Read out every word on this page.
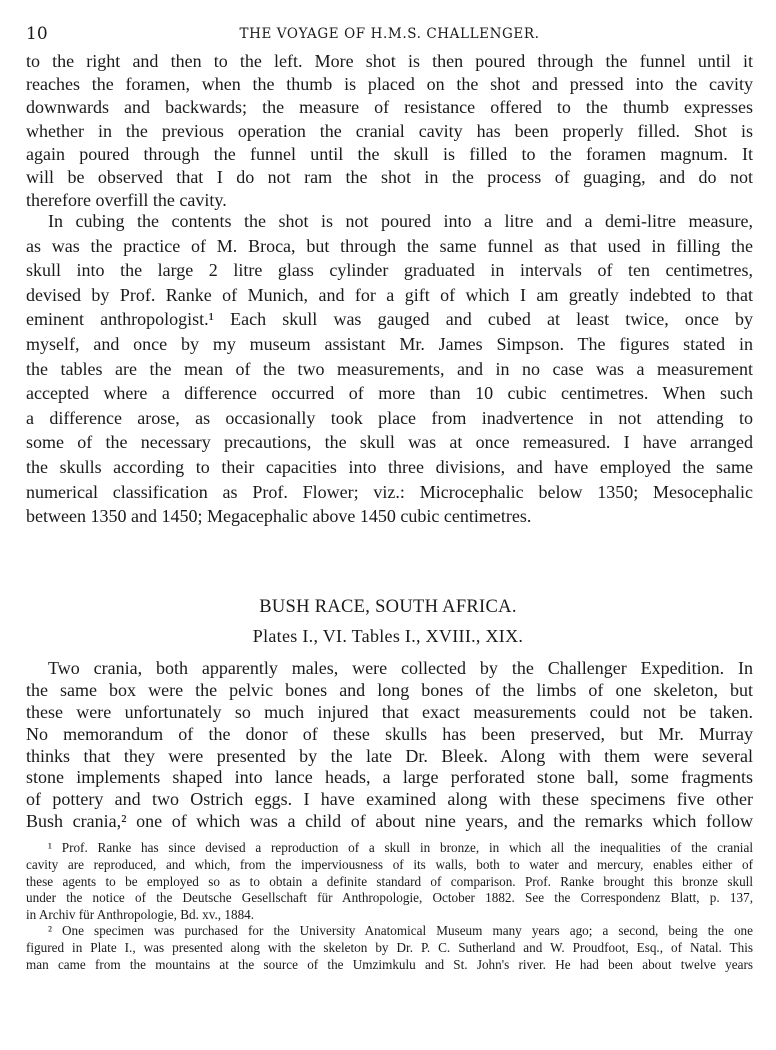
10	THE VOYAGE OF H.M.S. CHALLENGER.
to the right and then to the left. More shot is then poured through the funnel until it
reaches the foramen, when the thumb is placed on the shot and pressed into the cavity
downwards and backwards; the measure of resistance offered to the thumb expresses
whether in the previous operation the cranial cavity has been properly filled. Shot is
again poured through the funnel until the skull is filled to the foramen magnum. It
will be observed that I do not ram the shot in the process of guaging, and do not
therefore overfill the cavity.
In cubing the contents the shot is not poured into a litre and a demi-litre measure,
as was the practice of M. Broca, but through the same funnel as that used in filling the
skull into the large 2 litre glass cylinder graduated in intervals of ten centimetres,
devised by Prof. Ranke of Munich, and for a gift of which I am greatly indebted to that
eminent anthropologist.¹ Each skull was gauged and cubed at least twice, once by
myself, and once by my museum assistant Mr. James Simpson. The figures stated in
the tables are the mean of the two measurements, and in no case was a measurement
accepted where a difference occurred of more than 10 cubic centimetres. When such
a difference arose, as occasionally took place from inadvertence in not attending to
some of the necessary precautions, the skull was at once remeasured. I have arranged
the skulls according to their capacities into three divisions, and have employed the same
numerical classification as Prof. Flower; viz.: Microcephalic below 1350; Mesocephalic
between 1350 and 1450; Megacephalic above 1450 cubic centimetres.
BUSH RACE, SOUTH AFRICA.
Plates I., VI. Tables I., XVIII., XIX.
Two crania, both apparently males, were collected by the Challenger Expedition. In
the same box were the pelvic bones and long bones of the limbs of one skeleton, but
these were unfortunately so much injured that exact measurements could not be taken.
No memorandum of the donor of these skulls has been preserved, but Mr. Murray
thinks that they were presented by the late Dr. Bleek. Along with them were several
stone implements shaped into lance heads, a large perforated stone ball, some fragments
of pottery and two Ostrich eggs. I have examined along with these specimens five other
Bush crania,² one of which was a child of about nine years, and the remarks which follow
¹ Prof. Ranke has since devised a reproduction of a skull in bronze, in which all the inequalities of the cranial
cavity are reproduced, and which, from the imperviousness of its walls, both to water and mercury, enables either of
these agents to be employed so as to obtain a definite standard of comparison. Prof. Ranke brought this bronze skull
under the notice of the Deutsche Gesellschaft für Anthropologie, October 1882. See the Correspondenz Blatt, p. 137,
in Archiv für Anthropologie, Bd. xv., 1884.
² One specimen was purchased for the University Anatomical Museum many years ago; a second, being the one
figured in Plate I., was presented along with the skeleton by Dr. P. C. Sutherland and W. Proudfoot, Esq., of Natal. This
man came from the mountains at the source of the Umzimkulu and St. John's river. He had been about twelve years
